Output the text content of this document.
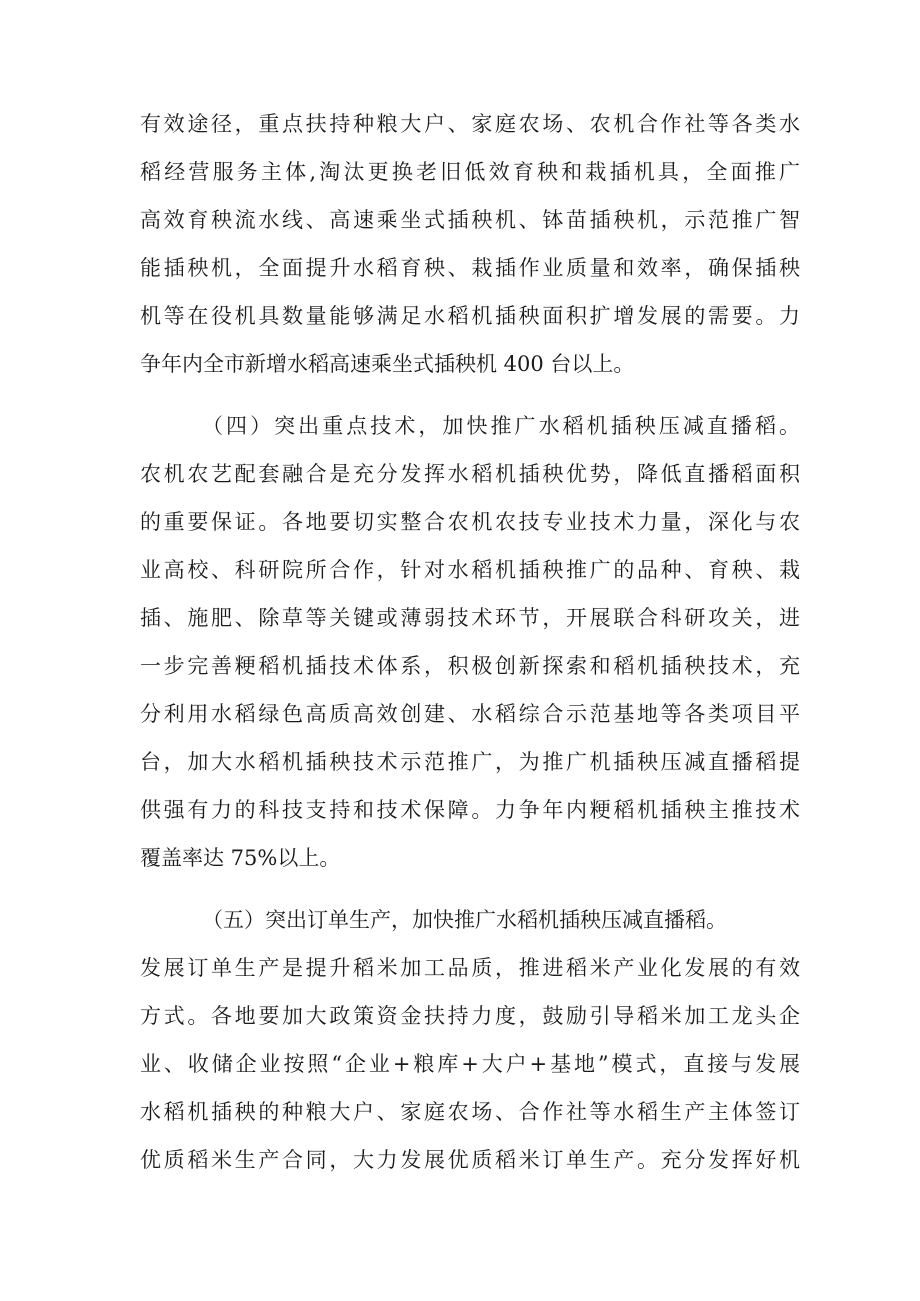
有效途径，重点扶持种粮大户、家庭农场、农机合作社等各类水
稻经营服务主体,淘汰更换老旧低效育秧和栽插机具，全面推广
高效育秧流水线、高速乘坐式插秧机、钵苗插秧机，示范推广智
能插秧机，全面提升水稻育秧、栽插作业质量和效率，确保插秧
机等在役机具数量能够满足水稻机插秧面积扩增发展的需要。力
争年内全市新增水稻高速乘坐式插秧机 400 台以上。
（四）突出重点技术，加快推广水稻机插秧压减直播稻。
农机农艺配套融合是充分发挥水稻机插秧优势，降低直播稻面积
的重要保证。各地要切实整合农机农技专业技术力量，深化与农
业高校、科研院所合作，针对水稻机插秧推广的品种、育秧、栽
插、施肥、除草等关键或薄弱技术环节，开展联合科研攻关，进
一步完善粳稻机插技术体系，积极创新探索和稻机插秧技术，充
分利用水稻绿色高质高效创建、水稻综合示范基地等各类项目平
台，加大水稻机插秧技术示范推广，为推广机插秧压减直播稻提
供强有力的科技支持和技术保障。力争年内粳稻机插秧主推技术
覆盖率达 75%以上。
（五）突出订单生产，加快推广水稻机插秧压减直播稻。
发展订单生产是提升稻米加工品质，推进稻米产业化发展的有效
方式。各地要加大政策资金扶持力度，鼓励引导稻米加工龙头企
业、收储企业按照“企业+粮库+大户+基地”模式，直接与发展
水稻机插秧的种粮大户、家庭农场、合作社等水稻生产主体签订
优质稻米生产合同，大力发展优质稻米订单生产。充分发挥好机
